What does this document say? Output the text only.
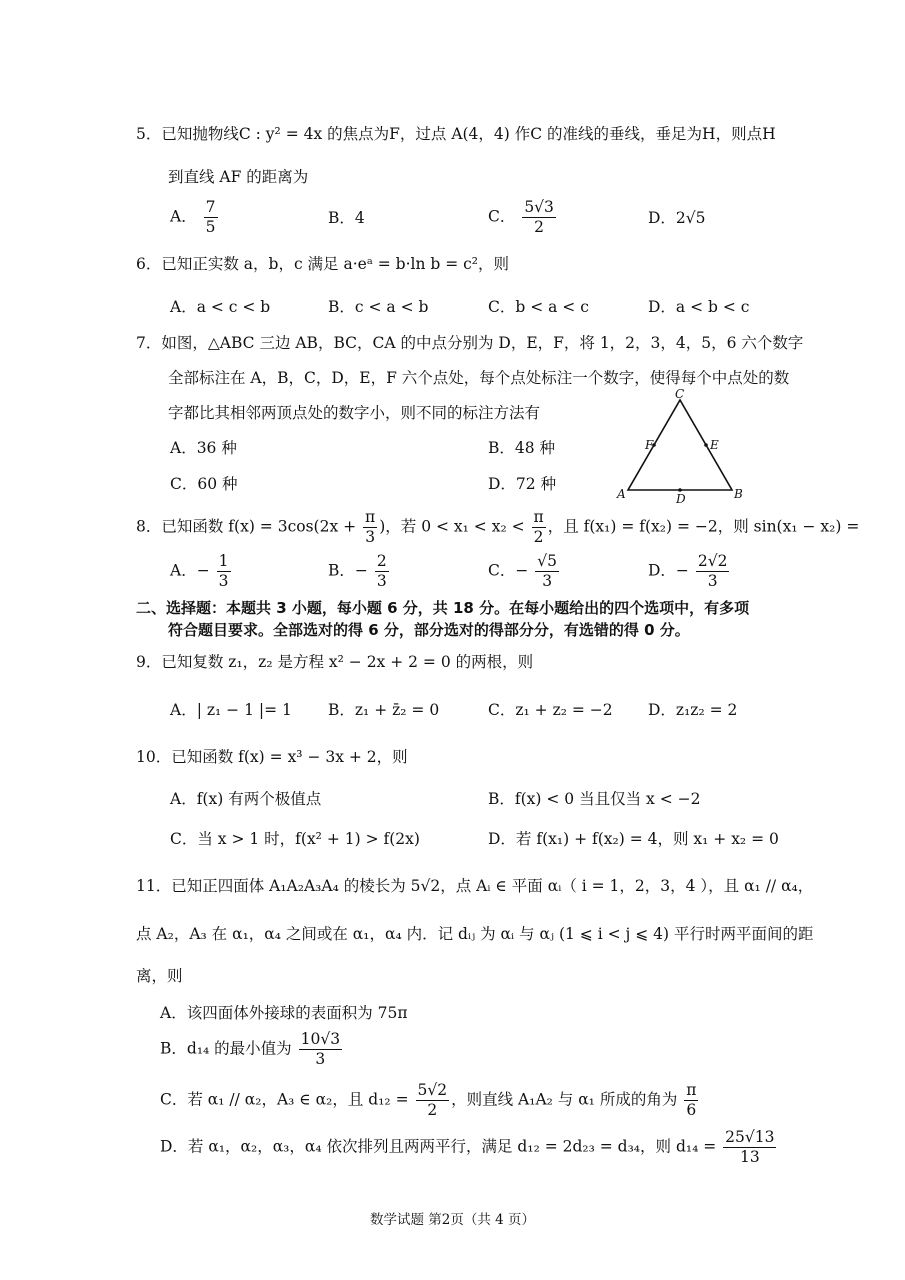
5．已知抛物线C : y² = 4x 的焦点为F，过点 A(4，4) 作C 的准线的垂线，垂足为H，则点H
到直线 AF 的距离为
A． $\frac{7}{5}$	B．4	C． $\frac{5√3}{2}$	D．2√5
6．已知正实数 a，b，c 满足 a·eᵃ = b·ln b = c²，则
A．a < c < b	B．c < a < b	C．b < a < c	D．a < b < c
7．如图，△ABC 三边 AB，BC，CA 的中点分别为 D，E，F，将 1，2，3，4，5，6 六个数字
全部标注在 A，B，C，D，E，F 六个点处，每个点处标注一个数字，使得每个中点处的数
字都比其相邻两顶点处的数字小，则不同的标注方法有
A．36 种	B．48 种
C．60 种	D．72 种
C
A	B
D
E
F
8．已知函数 $f(x) = 3\cos(2x + \frac{\pi}{3}$ )，若 $0 < x_1 < x_2 < \frac{\pi}{2}$ ，且 f(x₁) = f(x₂) = −2，则 sin(x₁ − x₂) =
A．− $\frac{1}{3}$	B．− $\frac{2}{3}$	C．− $\frac{√5}{3}$	D．− $\frac{2√2}{3}$
二、选择题：本题共 3 小题，每小题 6 分，共 18 分。在每小题给出的四个选项中，有多项
符合题目要求。全部选对的得 6 分，部分选对的得部分分，有选错的得 0 分。
9．已知复数 z₁，z₂ 是方程 x² − 2x + 2 = 0 的两根，则
A．| z₁ − 1 |= 1 B．z₁ + z̄₂ = 0	C．z₁ + z₂ = −2 D．z₁z₂ = 2
10．已知函数 f(x) = x³ − 3x + 2，则
A．f(x) 有两个极值点	B．f(x) < 0 当且仅当 x < −2
C．当 x > 1 时，f(x² + 1) > f(2x)	D．若 f(x₁) + f(x₂) = 4，则 x₁ + x₂ = 0
11．已知正四面体 A₁A₂A₃A₄ 的棱长为 5√2，点 Aᵢ ∈ 平面 αᵢ（ i = 1，2，3，4 ），且 α₁ // α₄，
点 A₂，A₃ 在 α₁，α₄ 之间或在 α₁，α₄ 内．记 dᵢⱼ 为 αᵢ 与 αⱼ (1 ⩽ i < j ⩽ 4) 平行时两平面间的距
离，则
A．该四面体外接球的表面积为 75π
B．d₁₄ 的最小值为 $\frac{10√3}{3}$
C．若 α₁ // α₂，A₃ ∈ α₂，且 $d_{12} = \frac{5√2}{2}$ ，则直线 A₁A₂ 与 α₁ 所成的角为 $\frac{\pi}{6}$
D．若 α₁，α₂，α₃，α₄ 依次排列且两两平行，满足 d₁₂ = 2d₂₃ = d₃₄，则 $d_{14} = \frac{25√13}{13}$
数学试题 第2页（共 4 页）
